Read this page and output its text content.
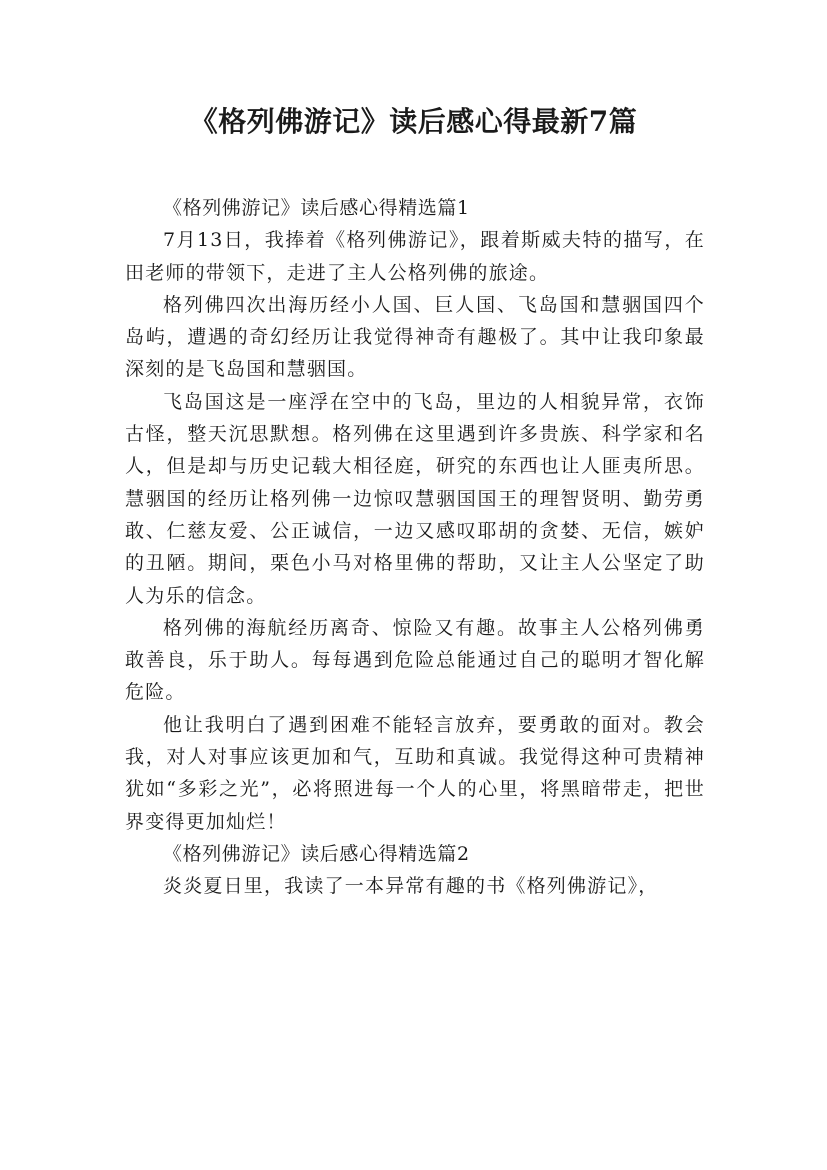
《格列佛游记》读后感心得最新7篇

《格列佛游记》读后感心得精选篇1

7月13日，我捧着《格列佛游记》，跟着斯威夫特的描写，在田老师的带领下，走进了主人公格列佛的旅途。

格列佛四次出海历经小人国、巨人国、飞岛国和慧骃国四个岛屿，遭遇的奇幻经历让我觉得神奇有趣极了。其中让我印象最深刻的是飞岛国和慧骃国。

飞岛国这是一座浮在空中的飞岛，里边的人相貌异常，衣饰古怪，整天沉思默想。格列佛在这里遇到许多贵族、科学家和名人，但是却与历史记载大相径庭，研究的东西也让人匪夷所思。慧骃国的经历让格列佛一边惊叹慧骃国国王的理智贤明、勤劳勇敢、仁慈友爱、公正诚信，一边又感叹耶胡的贪婪、无信，嫉妒的丑陋。期间，栗色小马对格里佛的帮助，又让主人公坚定了助人为乐的信念。

格列佛的海航经历离奇、惊险又有趣。故事主人公格列佛勇敢善良，乐于助人。每每遇到危险总能通过自己的聪明才智化解危险。

他让我明白了遇到困难不能轻言放弃，要勇敢的面对。教会我，对人对事应该更加和气，互助和真诚。我觉得这种可贵精神犹如“多彩之光”，必将照进每一个人的心里，将黑暗带走，把世界变得更加灿烂！

《格列佛游记》读后感心得精选篇2

炎炎夏日里，我读了一本异常有趣的书《格列佛游记》，
